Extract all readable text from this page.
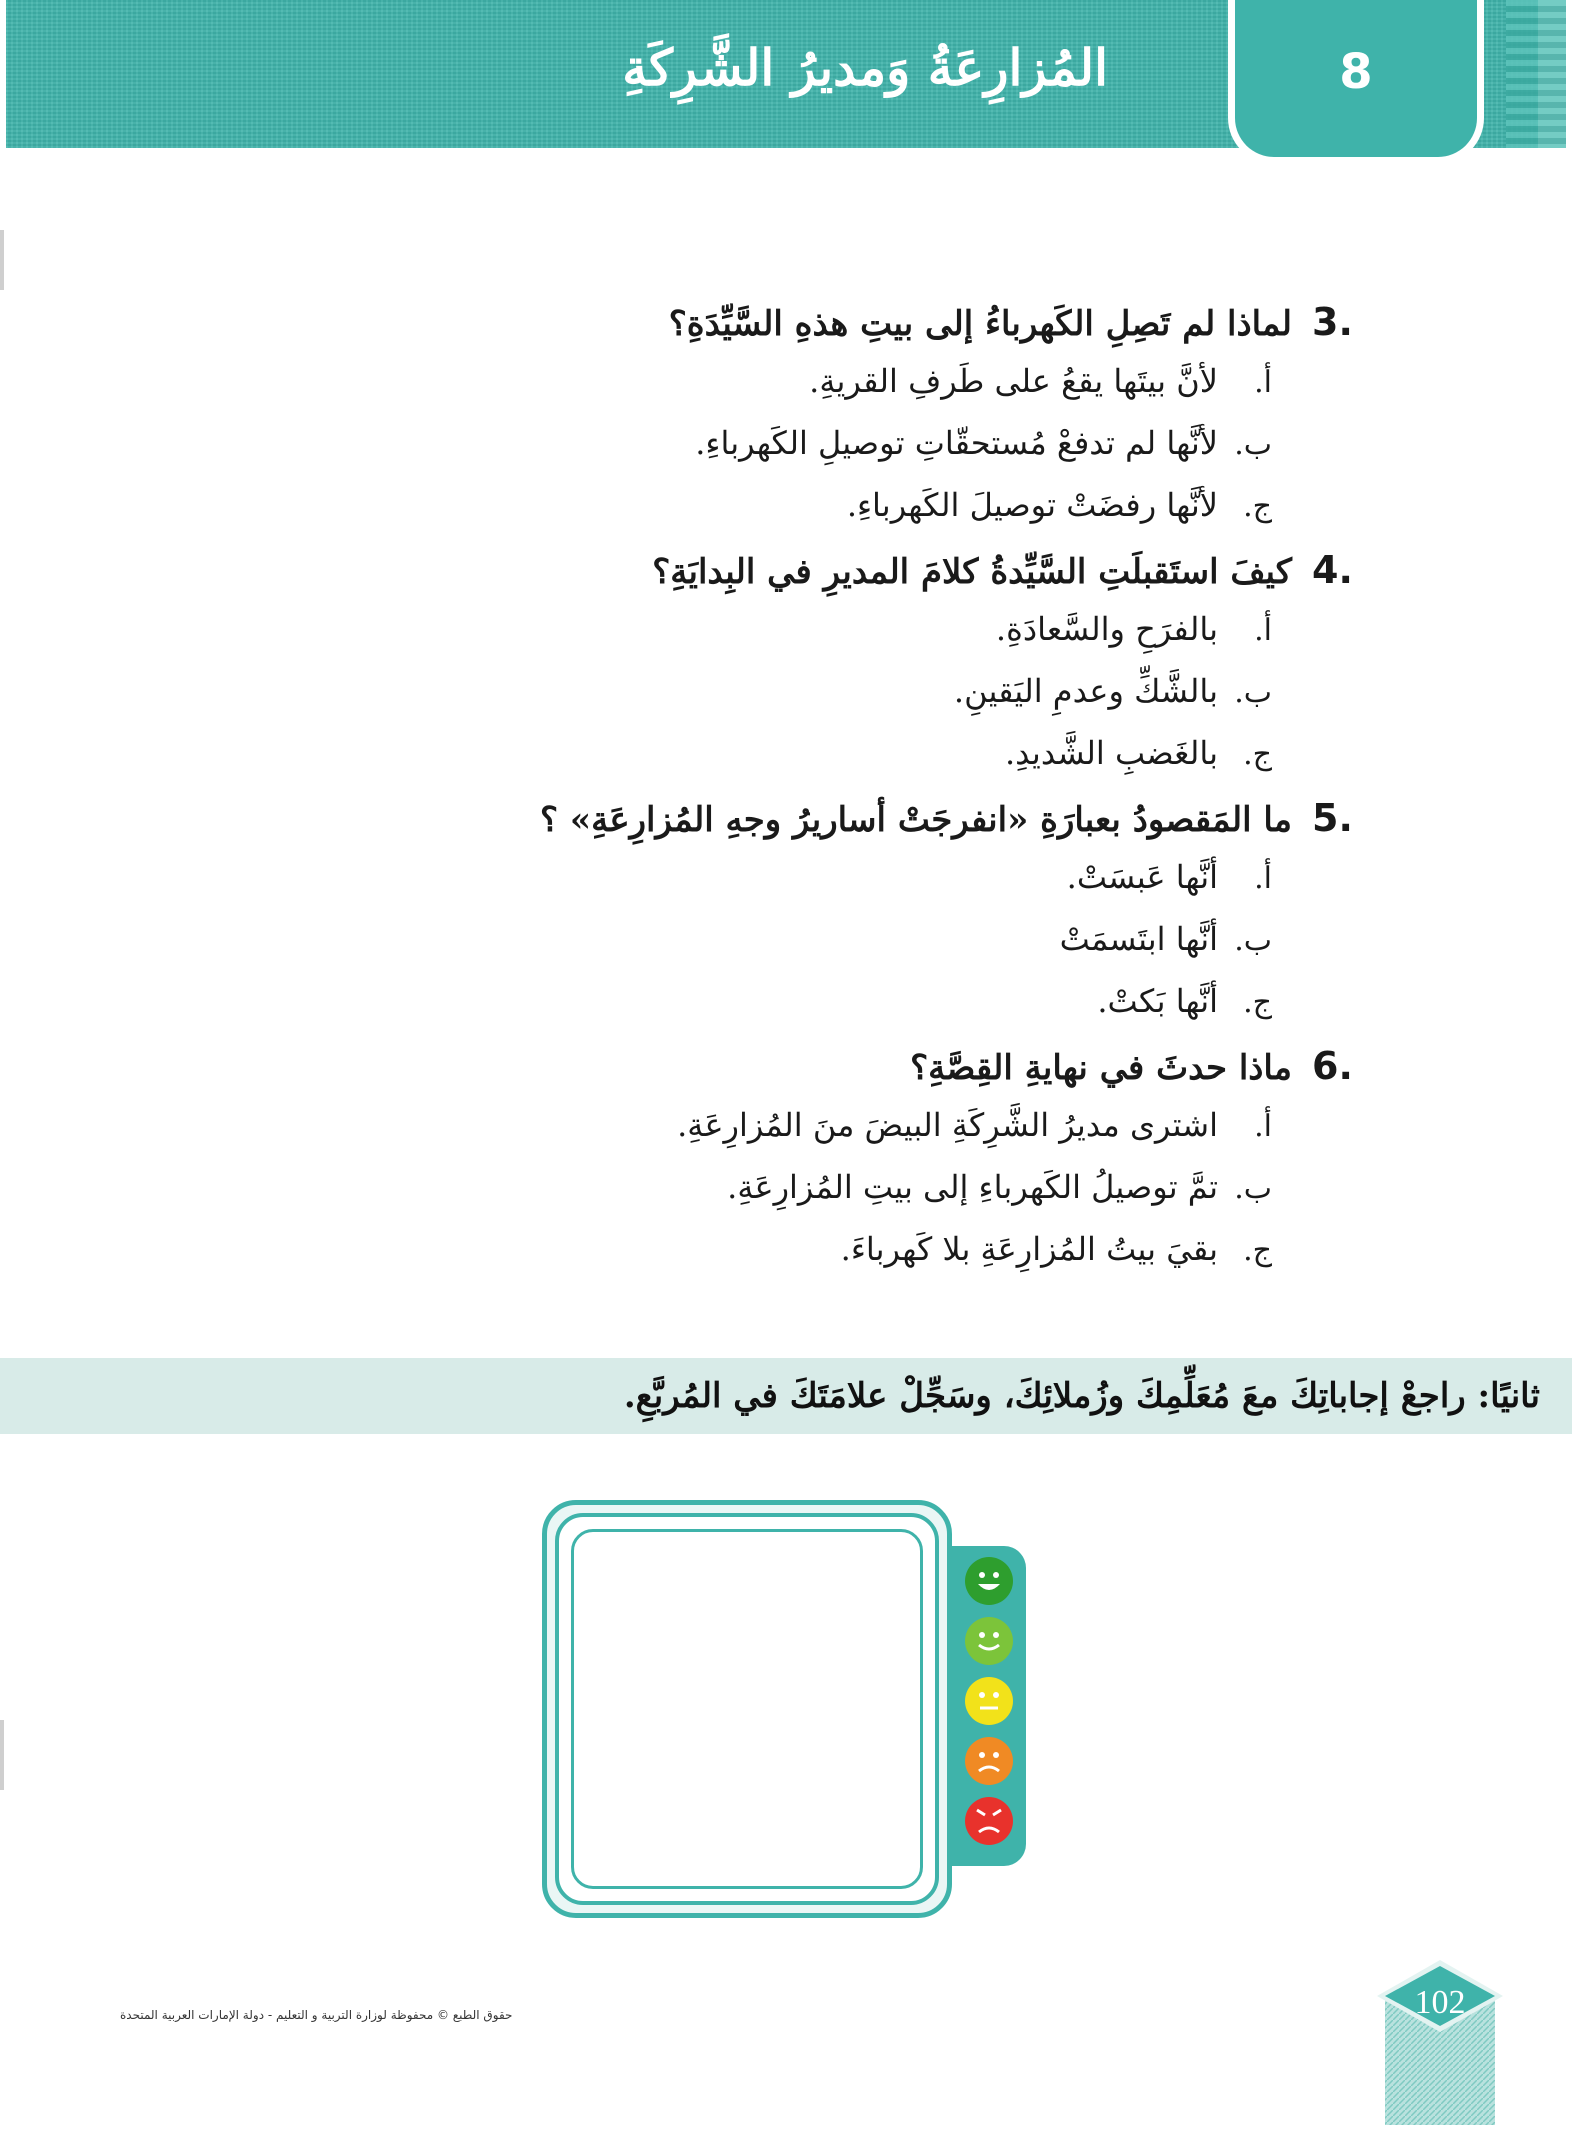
المُزارِعَةُ وَمديرُ الشَّرِكَةِ	8
3.
لماذا لم تَصِلِ الكَهرباءُ إلى بيتِ هذهِ السَّيِّدَةِ؟
أ.
لأنَّ بيتَها يقعُ على طَرفِ القريةِ.
ب.
لأنَّها لم تدفعْ مُستحقّاتِ توصيلِ الكَهرباءِ.
ج.
لأنَّها رفضَتْ توصيلَ الكَهرباءِ.
4.
كيفَ استَقبلَتِ السَّيِّدةُ كلامَ المديرِ في البِدايَةِ؟
أ.
بالفرَحِ والسَّعادَةِ.
ب.
بالشَّكِّ وعدمِ اليَقينِ.
ج.
بالغَضبِ الشَّديدِ.
5.
ما المَقصودُ بعبارَةِ «انفرجَتْ أساريرُ وجهِ المُزارِعَةِ» ؟
أ.
أنَّها عَبسَتْ.
ب.
أنَّها ابتَسمَتْ
ج.
أنَّها بَكتْ.
6.
ماذا حدثَ في نهايةِ القِصَّةِ؟
أ.
اشترى مديرُ الشَّرِكَةِ البيضَ منَ المُزارِعَةِ.
ب.
تمَّ توصيلُ الكَهرباءِ إلى بيتِ المُزارِعَةِ.
ج.
بقيَ بيتُ المُزارِعَةِ بلا كَهرباءَ.
ثانيًا: راجعْ إجاباتِكَ معَ مُعَلِّمِكَ وزُملائِكَ، وسَجِّلْ علامَتَكَ في المُربَّعِ.
حقوق الطبع © محفوظة لوزارة التربية و التعليم - دولة الإمارات العربية المتحدة	102
